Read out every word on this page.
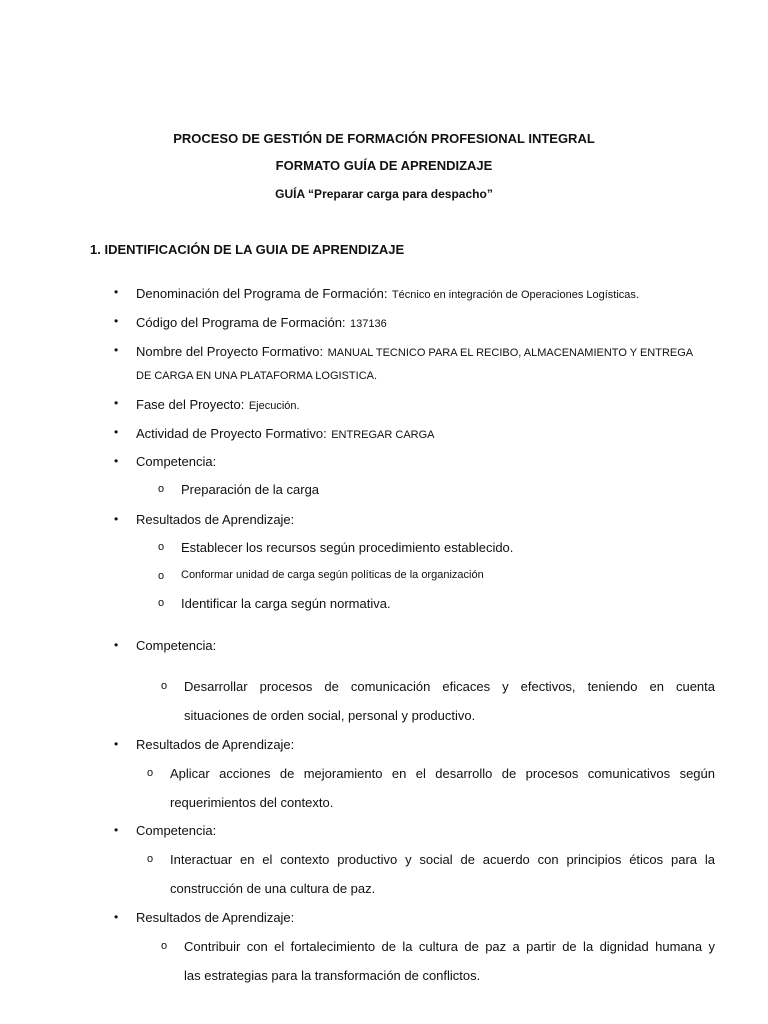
PROCESO DE GESTIÓN DE FORMACIÓN PROFESIONAL INTEGRAL
FORMATO GUÍA DE APRENDIZAJE
GUÍA “Preparar carga para despacho”
1. IDENTIFICACIÓN DE LA GUIA DE APRENDIZAJE
• Denominación del Programa de Formación: Técnico en integración de Operaciones Logísticas.
• Código del Programa de Formación: 137136
• Nombre del Proyecto Formativo: MANUAL TECNICO PARA EL RECIBO, ALMACENAMIENTO Y ENTREGA
DE CARGA EN UNA PLATAFORMA LOGISTICA.
• Fase del Proyecto: Ejecución.
• Actividad de Proyecto Formativo: ENTREGAR CARGA
• Competencia:
o Preparación de la carga
• Resultados de Aprendizaje:
o Establecer los recursos según procedimiento establecido.
o Conformar unidad de carga según políticas de la organización
o Identificar la carga según normativa.
• Competencia:
o Desarrollar procesos de comunicación eficaces y efectivos, teniendo en cuenta
situaciones de orden social, personal y productivo.
• Resultados de Aprendizaje:
o Aplicar acciones de mejoramiento en el desarrollo de procesos comunicativos según
requerimientos del contexto.
• Competencia:
o Interactuar en el contexto productivo y social de acuerdo con principios éticos para la
construcción de una cultura de paz.
• Resultados de Aprendizaje:
o Contribuir con el fortalecimiento de la cultura de paz a partir de la dignidad humana y
las estrategias para la transformación de conflictos.
